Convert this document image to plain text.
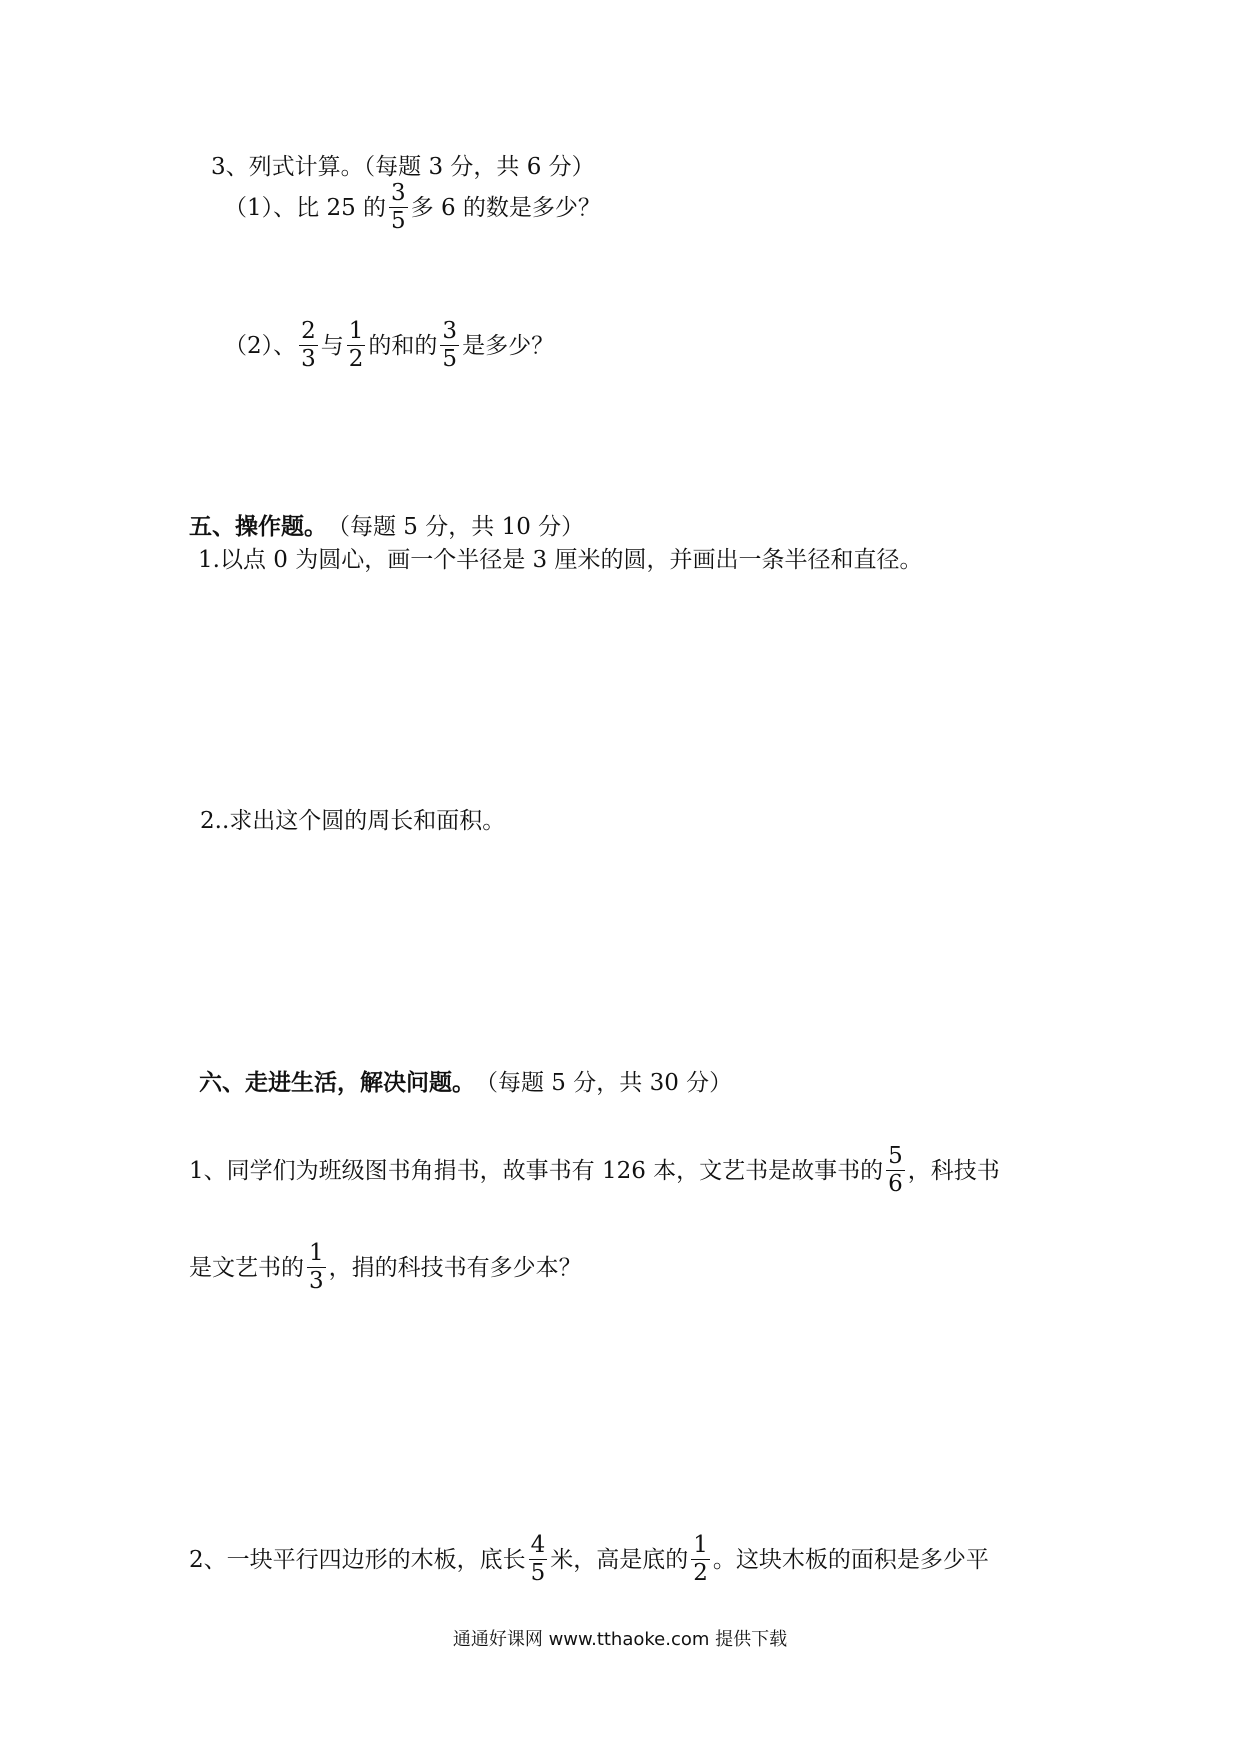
3、列式计算。（每题 3 分，共 6 分）
（1）、比 25 的 $\frac{3}{5}$ 多 6 的数是多少？
（2）、 $\frac{2}{3}$ 与 $\frac{1}{2}$ 的和的 $\frac{3}{5}$ 是多少？
五、操作题。 （每题 5 分，共 10 分）
1.以点 0 为圆心，画一个半径是 3 厘米的圆，并画出一条半径和直径。
2..求出这个圆的周长和面积。
六、走进生活，解决问题。 （每题 5 分，共 30 分）
1、同学们为班级图书角捐书，故事书有 126 本，文艺书是故事书的 $\frac{5}{6}$ ，科技书
是文艺书的 $\frac{1}{3}$ ，捐的科技书有多少本？
2、一块平行四边形的木板，底长 $\frac{4}{5}$ 米，高是底的 $\frac{1}{2}$ 。这块木板的面积是多少平
通通好课网 www.tthaoke.com 提供下载
